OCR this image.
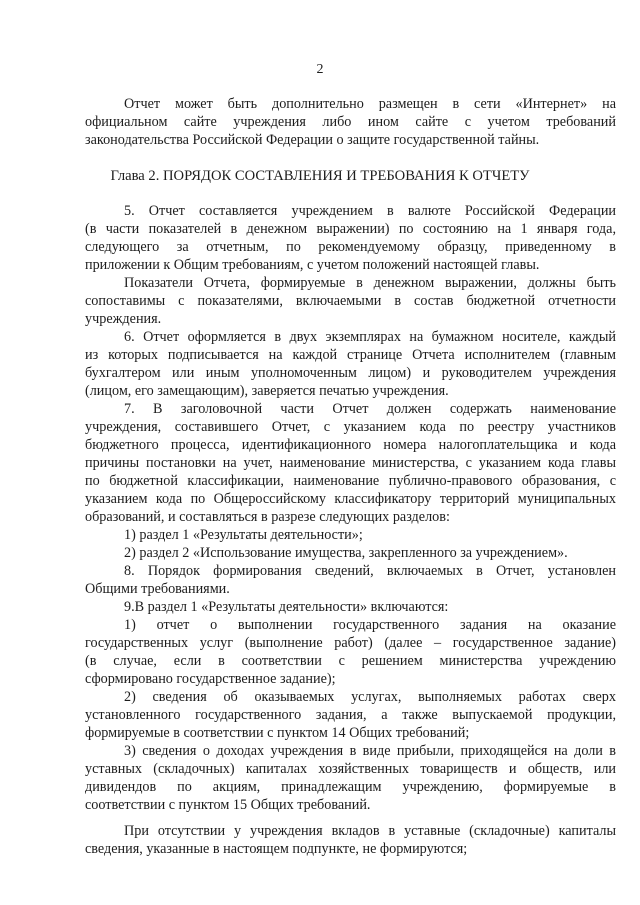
2
Отчет может быть дополнительно размещен в сети «Интернет» на
официальном сайте учреждения либо ином сайте с учетом требований
законодательства Российской Федерации о защите государственной тайны.
Глава 2. ПОРЯДОК СОСТАВЛЕНИЯ И ТРЕБОВАНИЯ К ОТЧЕТУ
5. Отчет составляется учреждением в валюте Российской Федерации
(в части показателей в денежном выражении) по состоянию на 1 января года,
следующего за отчетным, по рекомендуемому образцу, приведенному в
приложении к Общим требованиям, с учетом положений настоящей главы.
Показатели Отчета, формируемые в денежном выражении, должны быть
сопоставимы с показателями, включаемыми в состав бюджетной отчетности
учреждения.
6. Отчет оформляется в двух экземплярах на бумажном носителе, каждый
из которых подписывается на каждой странице Отчета исполнителем (главным
бухгалтером или иным уполномоченным лицом) и руководителем учреждения
(лицом, его замещающим), заверяется печатью учреждения.
7. В заголовочной части Отчет должен содержать наименование
учреждения, составившего Отчет, с указанием кода по реестру участников
бюджетного процесса, идентификационного номера налогоплательщика и кода
причины постановки на учет, наименование министерства, с указанием кода главы
по бюджетной классификации, наименование публично-правового образования, с
указанием кода по Общероссийскому классификатору территорий муниципальных
образований, и составляться в разрезе следующих разделов:
1) раздел 1 «Результаты деятельности»;
2) раздел 2 «Использование имущества, закрепленного за учреждением».
8. Порядок формирования сведений, включаемых в Отчет, установлен
Общими требованиями.
9.В раздел 1 «Результаты деятельности» включаются:
1) отчет о выполнении государственного задания на оказание
государственных услуг (выполнение работ) (далее – государственное задание)
(в случае, если в соответствии с решением министерства учреждению
сформировано государственное задание);
2) сведения об оказываемых услугах, выполняемых работах сверх
установленного государственного задания, а также выпускаемой продукции,
формируемые в соответствии с пунктом 14 Общих требований;
3) сведения о доходах учреждения в виде прибыли, приходящейся на доли в
уставных (складочных) капиталах хозяйственных товариществ и обществ, или
дивидендов по акциям, принадлежащим учреждению, формируемые в
соответствии с пунктом 15 Общих требований.
При отсутствии у учреждения вкладов в уставные (складочные) капиталы
сведения, указанные в настоящем подпункте, не формируются;
